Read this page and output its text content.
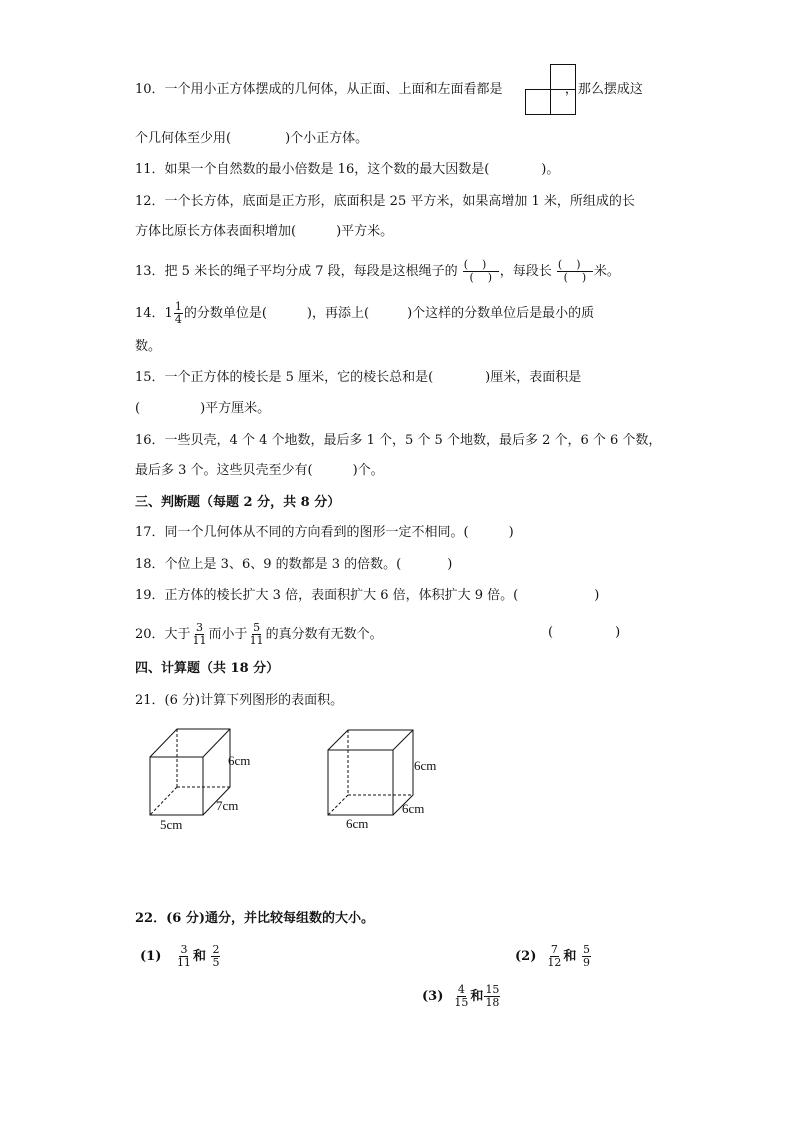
10．一个用小正方体摆成的几何体，从正面、上面和左面看都是	，那么摆成这
个几何体至少用(	)个小正方体。
11．如果一个自然数的最小倍数是 16，这个数的最大因数是(	)。
12．一个长方体，底面是正方形，底面积是 25 平方米，如果高增加 1 米，所组成的长
方体比原长方体表面积增加(	)平方米。
13．把 5 米长的绳子平均分成 7 段，每段是这根绳子的 $\frac{( )}{( )}$ ，每段长 $\frac{( )}{( )}$ 米。
14．$1 \frac{1}{4}$ 的分数单位是(	)，再添上(	)个这样的分数单位后是最小的质
数。
15．一个正方体的棱长是 5 厘米，它的棱长总和是(	)厘米，表面积是
(	)平方厘米。
16．一些贝壳，4 个 4 个地数，最后多 1 个，5 个 5 个地数，最后多 2 个，6 个 6 个数，
最后多 3 个。这些贝壳至少有(	)个。
三、判断题（每题 2 分，共 8 分）
17．同一个几何体从不同的方向看到的图形一定不相同。(	)
18．个位上是 3、6、9 的数都是 3 的倍数。(	)
19．正方体的棱长扩大 3 倍，表面积扩大 6 倍，体积扩大 9 倍。(	)
20．大于 $\frac{3}{11}$ 而小于 $\frac{5}{11}$ 的真分数有无数个。	(	)
四、计算题（共 18 分）
21．(6 分)计算下列图形的表面积。
6cm
7cm
5cm
6cm
6cm
6cm
22．(6 分)通分，并比较每组数的大小。
$(1) \frac{3}{11}$ 和 $\frac{2}{5}$	$(2) \frac{7}{12}$ 和 $\frac{5}{9}$
$(3) \frac{4}{15}$ 和 $\frac{15}{18}$
